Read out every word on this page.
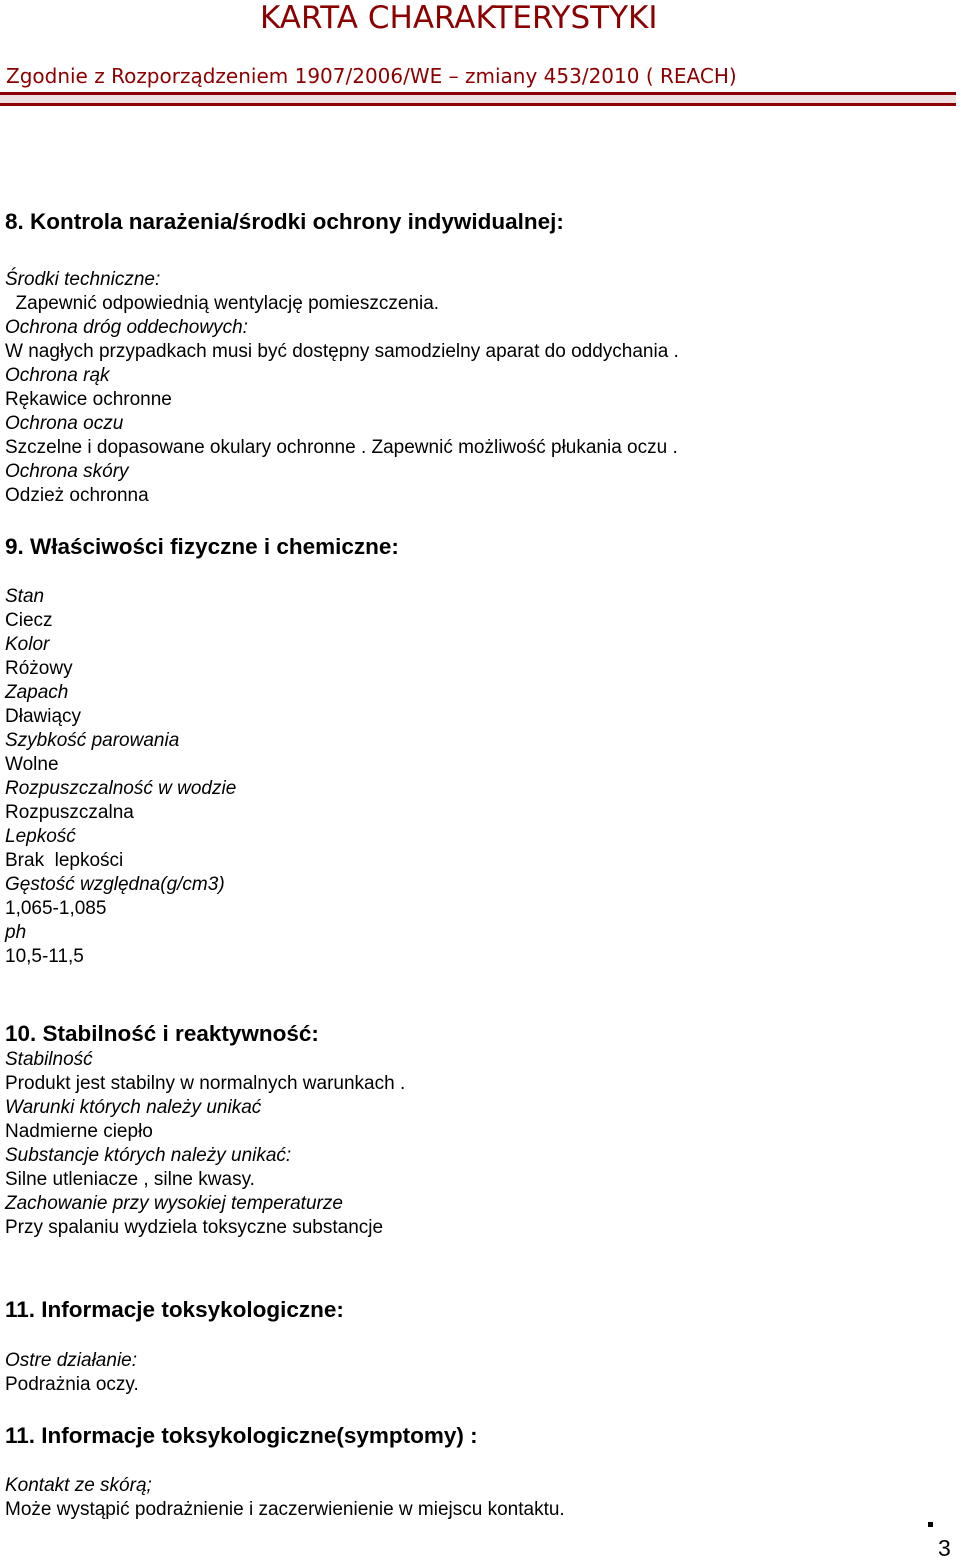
KARTA CHARAKTERYSTYKI
Zgodnie z Rozporządzeniem 1907/2006/WE – zmiany 453/2010 ( REACH)
8. Kontrola narażenia/środki ochrony indywidualnej:
Środki techniczne:
Zapewnić odpowiednią wentylację pomieszczenia.
Ochrona dróg oddechowych:
W nagłych przypadkach musi być dostępny samodzielny aparat do oddychania .
Ochrona rąk
Rękawice ochronne
Ochrona oczu
Szczelne i dopasowane okulary ochronne . Zapewnić możliwość płukania oczu .
Ochrona skóry
Odzież ochronna
9. Właściwości fizyczne i chemiczne:
Stan
Ciecz
Kolor
Różowy
Zapach
Dławiący
Szybkość parowania
Wolne
Rozpuszczalność w wodzie
Rozpuszczalna
Lepkość
Brak  lepkości
Gęstość względna(g/cm3)
1,065-1,085
ph
10,5-11,5
10. Stabilność i reaktywność:
Stabilność
Produkt jest stabilny w normalnych warunkach .
Warunki których należy unikać
Nadmierne ciepło
Substancje których należy unikać:
Silne utleniacze , silne kwasy.
Zachowanie przy wysokiej temperaturze
Przy spalaniu wydziela toksyczne substancje
11. Informacje toksykologiczne:
Ostre działanie:
Podrażnia oczy.
11. Informacje toksykologiczne(symptomy) :
Kontakt ze skórą;
Może wystąpić podrażnienie i zaczerwienienie w miejscu kontaktu.
3
